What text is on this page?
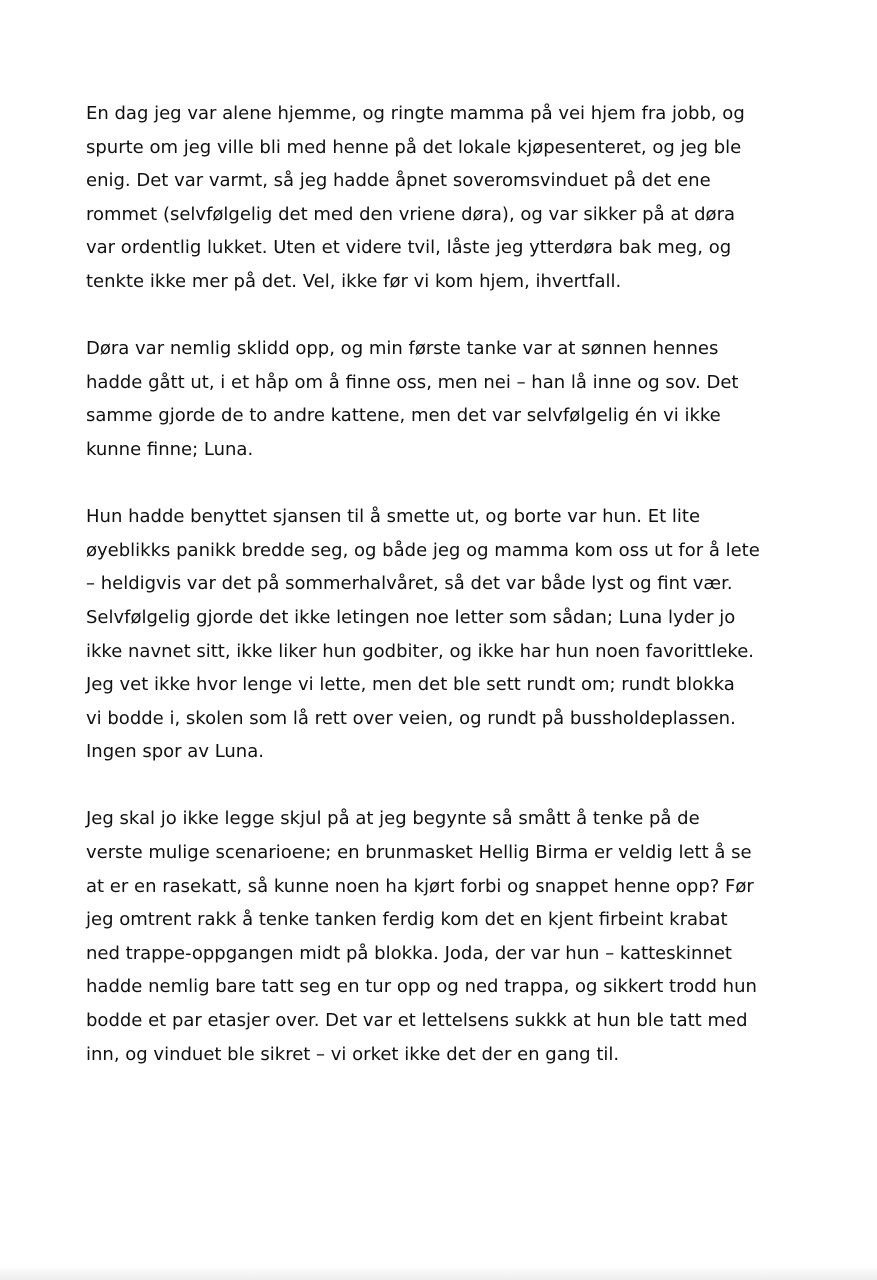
En dag jeg var alene hjemme, og ringte mamma på vei hjem fra jobb, og
spurte om jeg ville bli med henne på det lokale kjøpesenteret, og jeg ble
enig. Det var varmt, så jeg hadde åpnet soveromsvinduet på det ene
rommet (selvfølgelig det med den vriene døra), og var sikker på at døra
var ordentlig lukket. Uten et videre tvil, låste jeg ytterdøra bak meg, og
tenkte ikke mer på det. Vel, ikke før vi kom hjem, ihvertfall.

Døra var nemlig sklidd opp, og min første tanke var at sønnen hennes
hadde gått ut, i et håp om å finne oss, men nei – han lå inne og sov. Det
samme gjorde de to andre kattene, men det var selvfølgelig én vi ikke
kunne finne; Luna.

Hun hadde benyttet sjansen til å smette ut, og borte var hun. Et lite
øyeblikks panikk bredde seg, og både jeg og mamma kom oss ut for å lete
– heldigvis var det på sommerhalvåret, så det var både lyst og fint vær.
Selvfølgelig gjorde det ikke letingen noe letter som sådan; Luna lyder jo
ikke navnet sitt, ikke liker hun godbiter, og ikke har hun noen favorittleke.
Jeg vet ikke hvor lenge vi lette, men det ble sett rundt om; rundt blokka
vi bodde i, skolen som lå rett over veien, og rundt på bussholdeplassen.
Ingen spor av Luna.

Jeg skal jo ikke legge skjul på at jeg begynte så smått å tenke på de
verste mulige scenarioene; en brunmasket Hellig Birma er veldig lett å se
at er en rasekatt, så kunne noen ha kjørt forbi og snappet henne opp? Før
jeg omtrent rakk å tenke tanken ferdig kom det en kjent firbeint krabat
ned trappe-oppgangen midt på blokka. Joda, der var hun – katteskinnet
hadde nemlig bare tatt seg en tur opp og ned trappa, og sikkert trodd hun
bodde et par etasjer over. Det var et lettelsens sukkk at hun ble tatt med
inn, og vinduet ble sikret – vi orket ikke det der en gang til.
